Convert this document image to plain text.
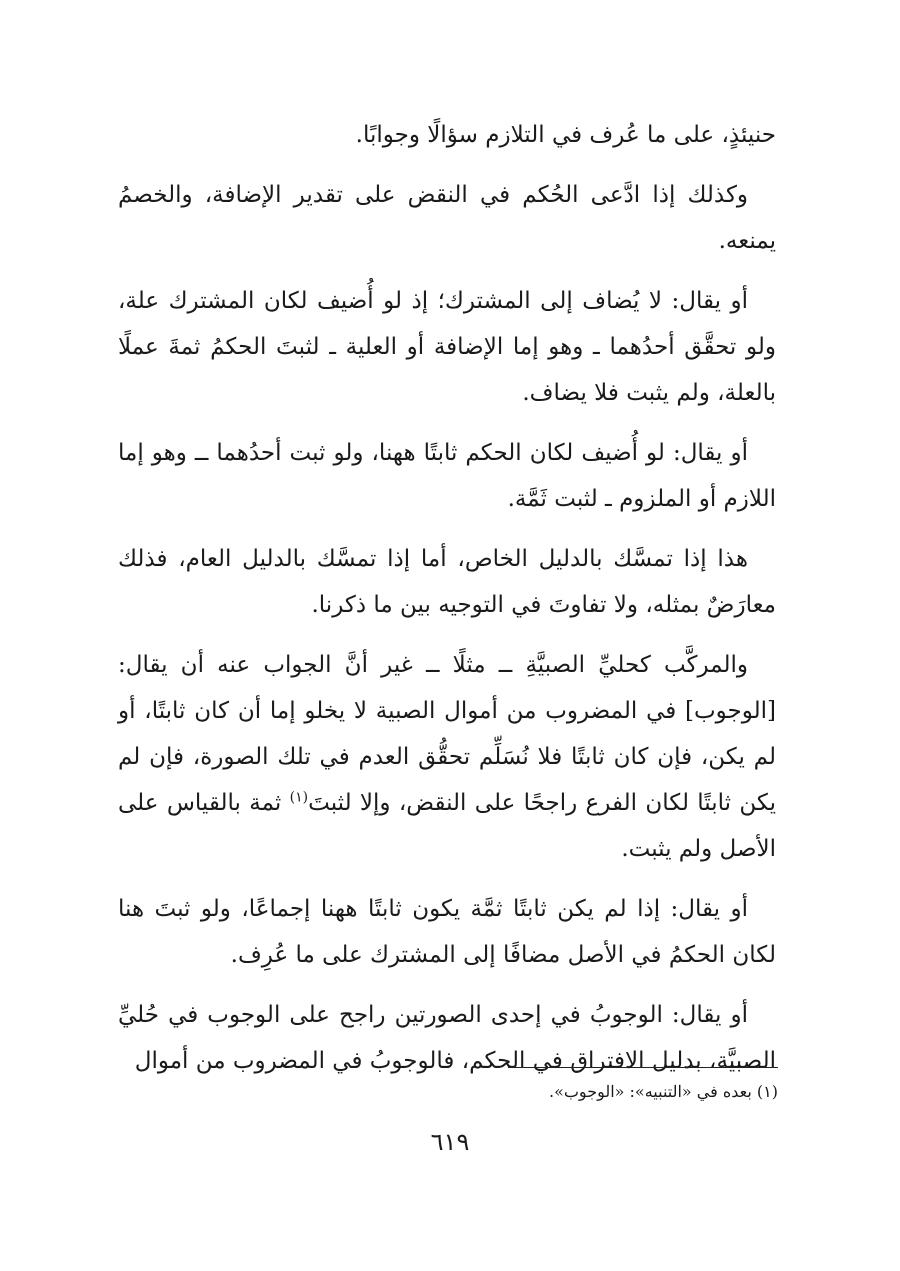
حنيئذٍ، على ما عُرف في التلازم سؤالًا وجوابًا.

وكذلك إذا ادَّعى الحُكم في النقض على تقدير الإضافة، والخصمُ يمنعه.

أو يقال: لا يُضاف إلى المشترك؛ إذ لو أُضيف لكان المشترك علة، ولو تحقَّق أحدُهما ـ وهو إما الإضافة أو العلية ـ لثبتَ الحكمُ ثمةَ عملًا بالعلة، ولم يثبت فلا يضاف.

أو يقال: لو أُضيف لكان الحكم ثابتًا ههنا، ولو ثبت أحدُهما ــ وهو إما اللازم أو الملزوم ـ لثبت ثَمَّة.

هذا إذا تمسَّك بالدليل الخاص، أما إذا تمسَّك بالدليل العام، فذلك معارَضٌ بمثله، ولا تفاوتَ في التوجيه بين ما ذكرنا.

والمركَّب كحليِّ الصبيَّةِ ــ مثلًا ــ غير أنَّ الجواب عنه أن يقال: [الوجوب] في المضروب من أموال الصبية لا يخلو إما أن كان ثابتًا، أو لم يكن، فإن كان ثابتًا فلا نُسَلِّم تحقُّق العدم في تلك الصورة، فإن لم يكن ثابتًا لكان الفرع راجحًا على النقض، وإلا لثبتَ$^{(١)}$ ثمة بالقياس على الأصل ولم يثبت.

أو يقال: إذا لم يكن ثابتًا ثمَّة يكون ثابتًا ههنا إجماعًا، ولو ثبتَ هنا لكان الحكمُ في الأصل مضافًا إلى المشترك على ما عُرِف.

أو يقال: الوجوبُ في إحدى الصورتين راجح على الوجوب في حُليِّ الصبيَّة، بدليل الافتراق في الحكم، فالوجوبُ في المضروب من أموال

(١) بعده في «التنبيه»: «الوجوب».
٦١٩
